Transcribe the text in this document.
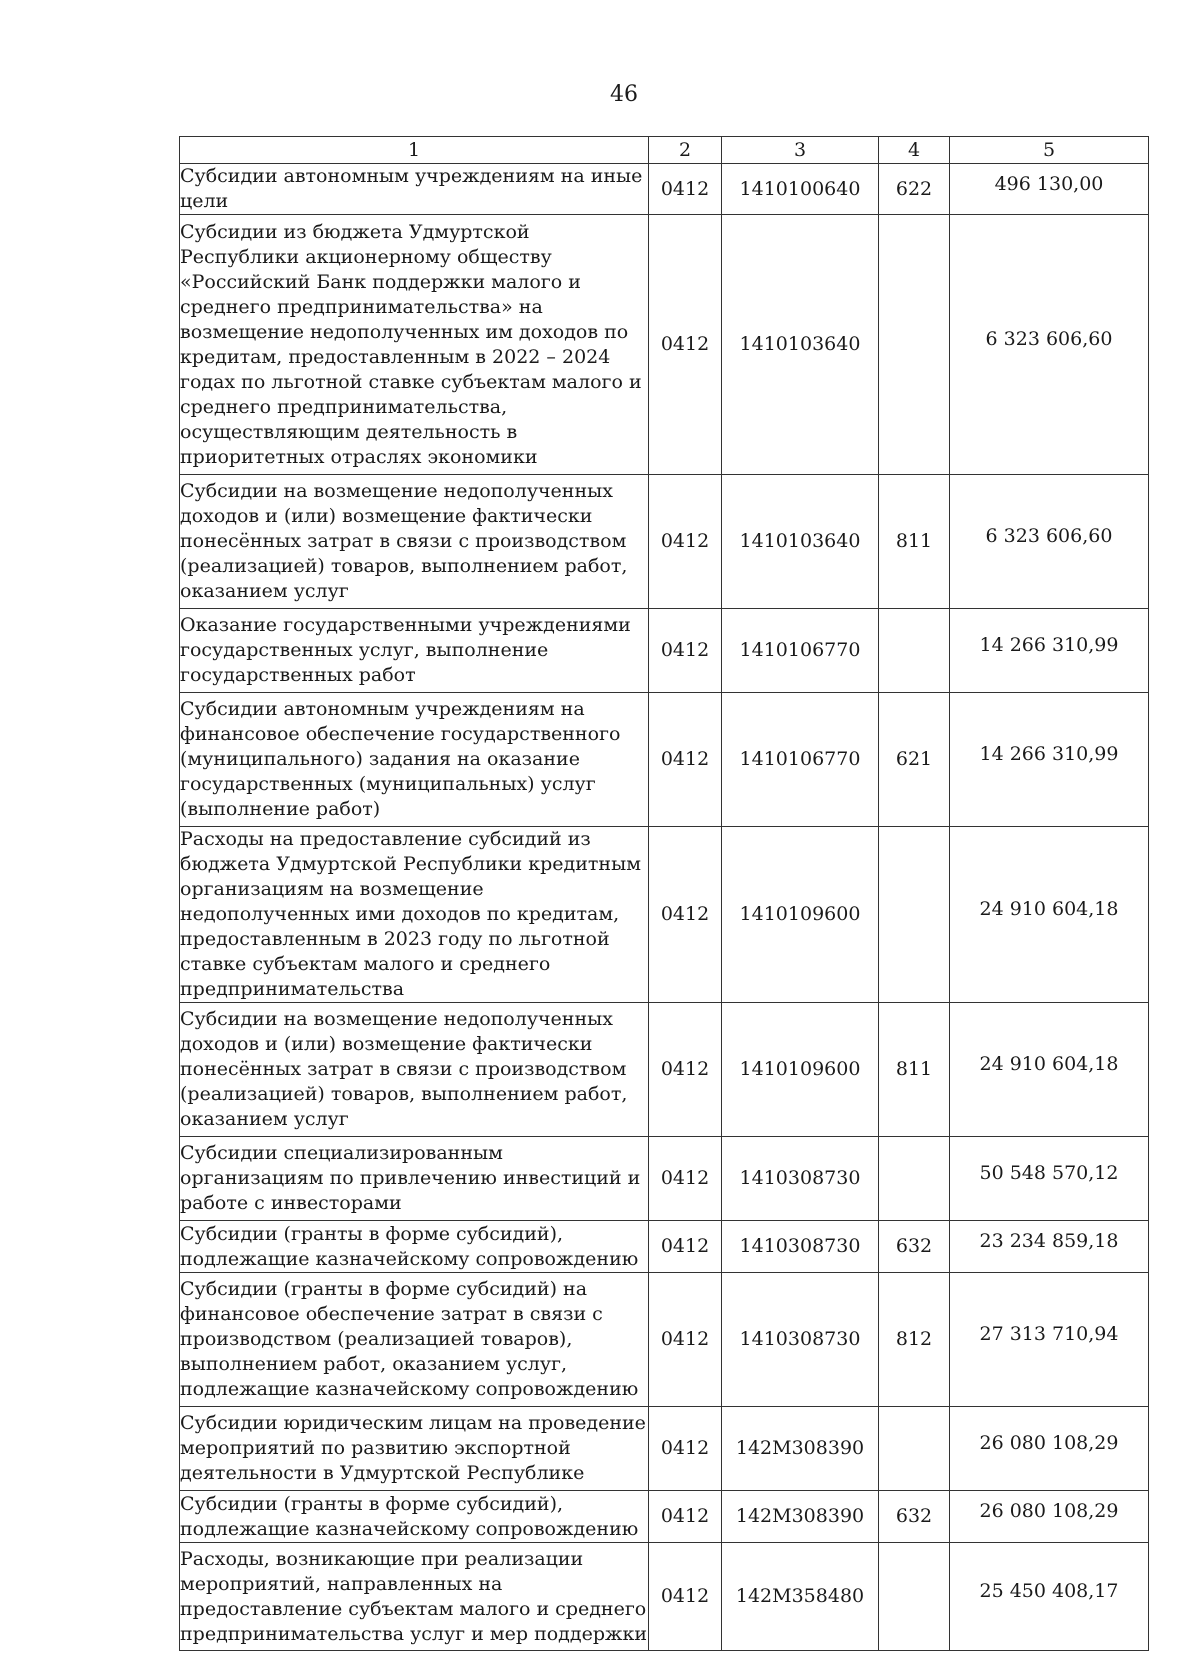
46
1	2	3	4	5
Субсидии автономным учреждениям на иные цели	0412	1410100640	622	496 130,00
Субсидии из бюджета Удмуртской Республики акционерному обществу «Российский Банк поддержки малого и среднего предпринимательства» на возмещение недополученных им доходов по кредитам, предоставленным в 2022 – 2024 годах по льготной ставке субъектам малого и среднего предпринимательства, осуществляющим деятельность в приоритетных отраслях экономики	0412	1410103640		6 323 606,60
Субсидии на возмещение недополученных доходов и (или) возмещение фактически понесённых затрат в связи с производством (реализацией) товаров, выполнением работ, оказанием услуг	0412	1410103640	811	6 323 606,60
Оказание государственными учреждениями государственных услуг, выполнение государственных работ	0412	1410106770		14 266 310,99
Субсидии автономным учреждениям на финансовое обеспечение государственного (муниципального) задания на оказание государственных (муниципальных) услуг (выполнение работ)	0412	1410106770	621	14 266 310,99
Расходы на предоставление субсидий из бюджета Удмуртской Республики кредитным организациям на возмещение недополученных ими доходов по кредитам, предоставленным в 2023 году по льготной ставке субъектам малого и среднего предпринимательства	0412	1410109600		24 910 604,18
Субсидии на возмещение недополученных доходов и (или) возмещение фактически понесённых затрат в связи с производством (реализацией) товаров, выполнением работ, оказанием услуг	0412	1410109600	811	24 910 604,18
Субсидии специализированным организациям по привлечению инвестиций и работе с инвесторами	0412	1410308730		50 548 570,12
Субсидии (гранты в форме субсидий), подлежащие казначейскому сопровождению	0412	1410308730	632	23 234 859,18
Субсидии (гранты в форме субсидий) на финансовое обеспечение затрат в связи с производством (реализацией товаров), выполнением работ, оказанием услуг, подлежащие казначейскому сопровождению	0412	1410308730	812	27 313 710,94
Субсидии юридическим лицам на проведение мероприятий по развитию экспортной деятельности в Удмуртской Республике	0412	142M308390		26 080 108,29
Субсидии (гранты в форме субсидий), подлежащие казначейскому сопровождению	0412	142M308390	632	26 080 108,29
Расходы, возникающие при реализации мероприятий, направленных на предоставление субъектам малого и среднего предпринимательства услуг и мер поддержки	0412	142M358480		25 450 408,17
